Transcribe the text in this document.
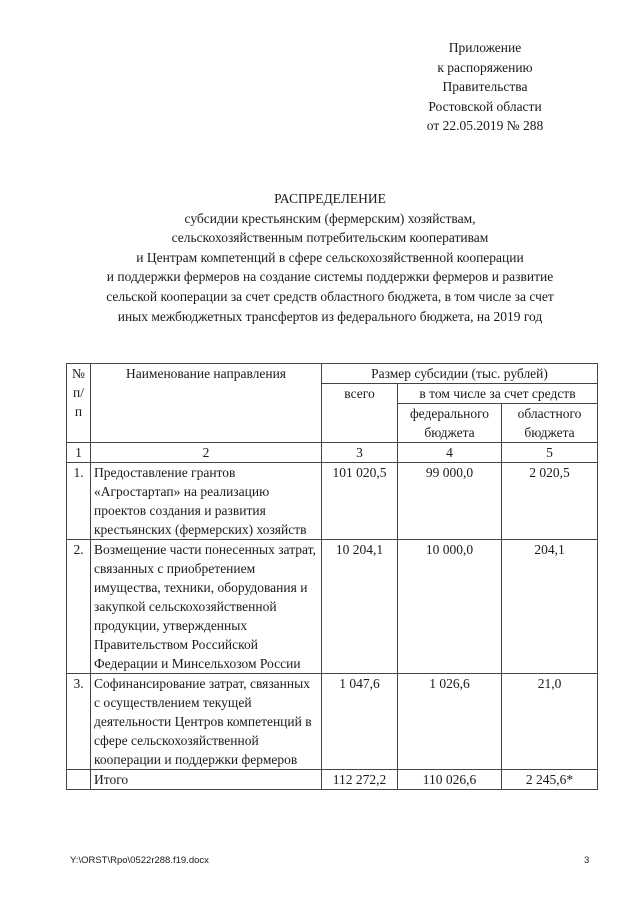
Приложение
к распоряжению
Правительства
Ростовской области
от 22.05.2019 № 288
РАСПРЕДЕЛЕНИЕ
субсидии крестьянским (фермерским) хозяйствам,
сельскохозяйственным потребительским кооперативам
и Центрам компетенций в сфере сельскохозяйственной кооперации
и поддержки фермеров на создание системы поддержки фермеров и развитие
сельской кооперации за счет средств областного бюджета, в том числе за счет
иных межбюджетных трансфертов из федерального бюджета, на 2019 год
№ п/п	Наименование направления	Размер субсидии (тыс. рублей)		
		всего	в том числе за счет средств	
			федерального бюджета	областного бюджета
1	2	3	4	5
1.	Предоставление грантов «Агростартап» на реализацию проектов создания и развития крестьянских (фермерских) хозяйств	101 020,5	99 000,0	2 020,5
2.	Возмещение части понесенных затрат, связанных с приобретением имущества, техники, оборудования и закупкой сельскохозяйственной продукции, утвержденных Правительством Российской Федерации и Минсельхозом России	10 204,1	10 000,0	204,1
3.	Софинансирование затрат, связанных с осуществлением текущей деятельности Центров компетенций в сфере сельскохозяйственной кооперации и поддержки фермеров	1 047,6	1 026,6	21,0
	Итого	112 272,2	110 026,6	2 245,6*
Y:\ORST\Rpo\0522r288.f19.docx	3
